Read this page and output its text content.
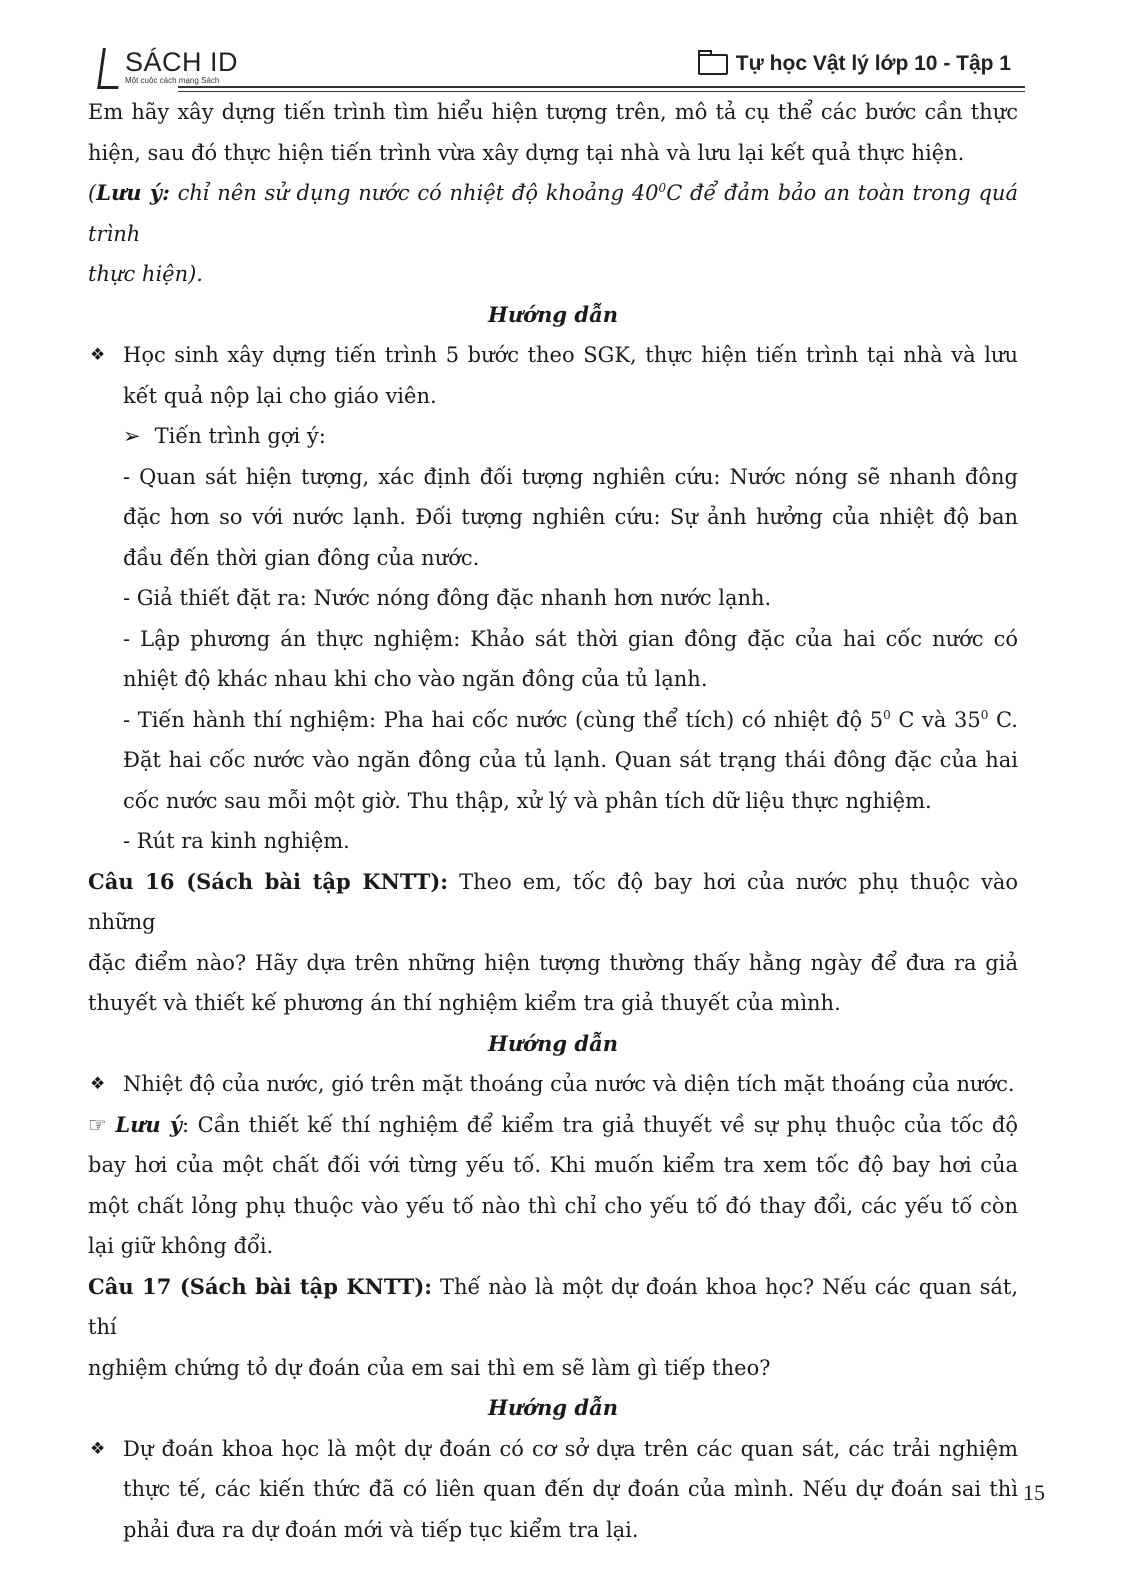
SÁCH ID
Một cuộc cách mạng Sách
Tự học Vật lý lớp 10 - Tập 1
Em hãy xây dựng tiến trình tìm hiểu hiện tượng trên, mô tả cụ thể các bước cần thực
hiện, sau đó thực hiện tiến trình vừa xây dựng tại nhà và lưu lại kết quả thực hiện.
(Lưu ý: chỉ nên sử dụng nước có nhiệt độ khoảng $40^0C$ để đảm bảo an toàn trong quá trình
thực hiện).
Hướng dẫn
❖ Học sinh xây dựng tiến trình 5 bước theo SGK, thực hiện tiến trình tại nhà và lưu
kết quả nộp lại cho giáo viên.
➢ Tiến trình gợi ý:
- Quan sát hiện tượng, xác định đối tượng nghiên cứu: Nước nóng sẽ nhanh đông
đặc hơn so với nước lạnh. Đối tượng nghiên cứu: Sự ảnh hưởng của nhiệt độ ban
đầu đến thời gian đông của nước.
- Giả thiết đặt ra: Nước nóng đông đặc nhanh hơn nước lạnh.
- Lập phương án thực nghiệm: Khảo sát thời gian đông đặc của hai cốc nước có
nhiệt độ khác nhau khi cho vào ngăn đông của tủ lạnh.
- Tiến hành thí nghiệm: Pha hai cốc nước (cùng thể tích) có nhiệt độ $5^0$ C và $35^0$ C.
Đặt hai cốc nước vào ngăn đông của tủ lạnh. Quan sát trạng thái đông đặc của hai
cốc nước sau mỗi một giờ. Thu thập, xử lý và phân tích dữ liệu thực nghiệm.
- Rút ra kinh nghiệm.
Câu 16 (Sách bài tập KNTT): Theo em, tốc độ bay hơi của nước phụ thuộc vào những
đặc điểm nào? Hãy dựa trên những hiện tượng thường thấy hằng ngày để đưa ra giả
thuyết và thiết kế phương án thí nghiệm kiểm tra giả thuyết của mình.
Hướng dẫn
❖ Nhiệt độ của nước, gió trên mặt thoáng của nước và diện tích mặt thoáng của nước.
☞ Lưu ý: Cần thiết kế thí nghiệm để kiểm tra giả thuyết về sự phụ thuộc của tốc độ
bay hơi của một chất đối với từng yếu tố. Khi muốn kiểm tra xem tốc độ bay hơi của
một chất lỏng phụ thuộc vào yếu tố nào thì chỉ cho yếu tố đó thay đổi, các yếu tố còn
lại giữ không đổi.
Câu 17 (Sách bài tập KNTT): Thế nào là một dự đoán khoa học? Nếu các quan sát, thí
nghiệm chứng tỏ dự đoán của em sai thì em sẽ làm gì tiếp theo?
Hướng dẫn
❖ Dự đoán khoa học là một dự đoán có cơ sở dựa trên các quan sát, các trải nghiệm
thực tế, các kiến thức đã có liên quan đến dự đoán của mình. Nếu dự đoán sai thì
phải đưa ra dự đoán mới và tiếp tục kiểm tra lại.
15
